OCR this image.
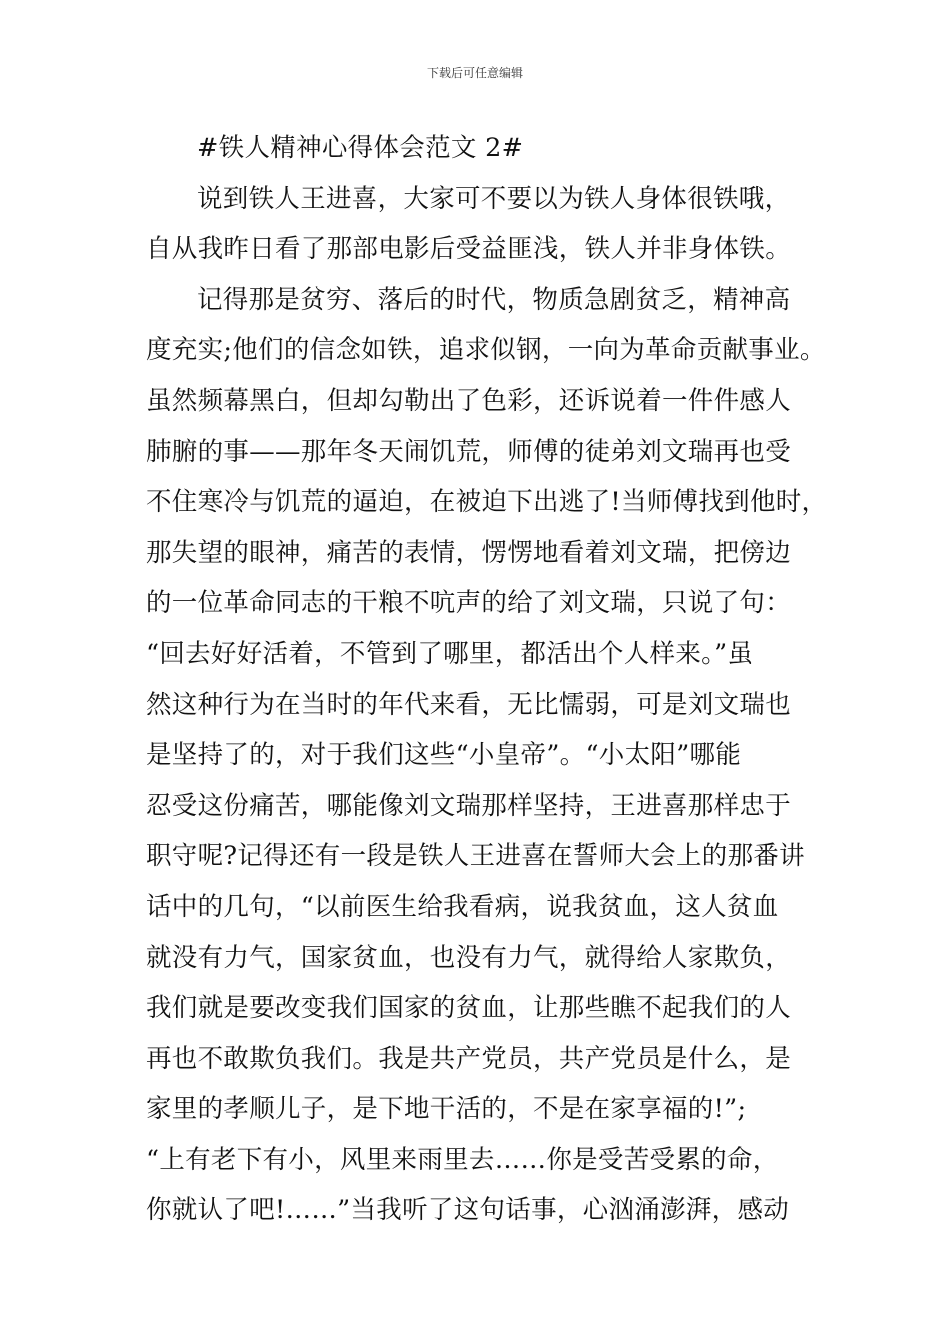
下载后可任意编辑
#铁人精神心得体会范文 2#
说到铁人王进喜，大家可不要以为铁人身体很铁哦，
自从我昨日看了那部电影后受益匪浅，铁人并非身体铁。
记得那是贫穷、落后的时代，物质急剧贫乏，精神高
度充实;他们的信念如铁，追求似钢，一向为革命贡献事业。
虽然频幕黑白，但却勾勒出了色彩，还诉说着一件件感人
肺腑的事——那年冬天闹饥荒，师傅的徒弟刘文瑞再也受
不住寒冷与饥荒的逼迫，在被迫下出逃了!当师傅找到他时，
那失望的眼神，痛苦的表情，愣愣地看着刘文瑞，把傍边
的一位革命同志的干粮不吭声的给了刘文瑞，只说了句：
“回去好好活着，不管到了哪里，都活出个人样来。”虽
然这种行为在当时的年代来看，无比懦弱，可是刘文瑞也
是坚持了的，对于我们这些“小皇帝”。“小太阳”哪能
忍受这份痛苦，哪能像刘文瑞那样坚持，王进喜那样忠于
职守呢?记得还有一段是铁人王进喜在誓师大会上的那番讲
话中的几句，“以前医生给我看病，说我贫血，这人贫血
就没有力气，国家贫血，也没有力气，就得给人家欺负，
我们就是要改变我们国家的贫血，让那些瞧不起我们的人
再也不敢欺负我们。我是共产党员，共产党员是什么，是
家里的孝顺儿子，是下地干活的，不是在家享福的!”;
“上有老下有小，风里来雨里去……你是受苦受累的命，
你就认了吧!……”当我听了这句话事，心汹涌澎湃，感动
